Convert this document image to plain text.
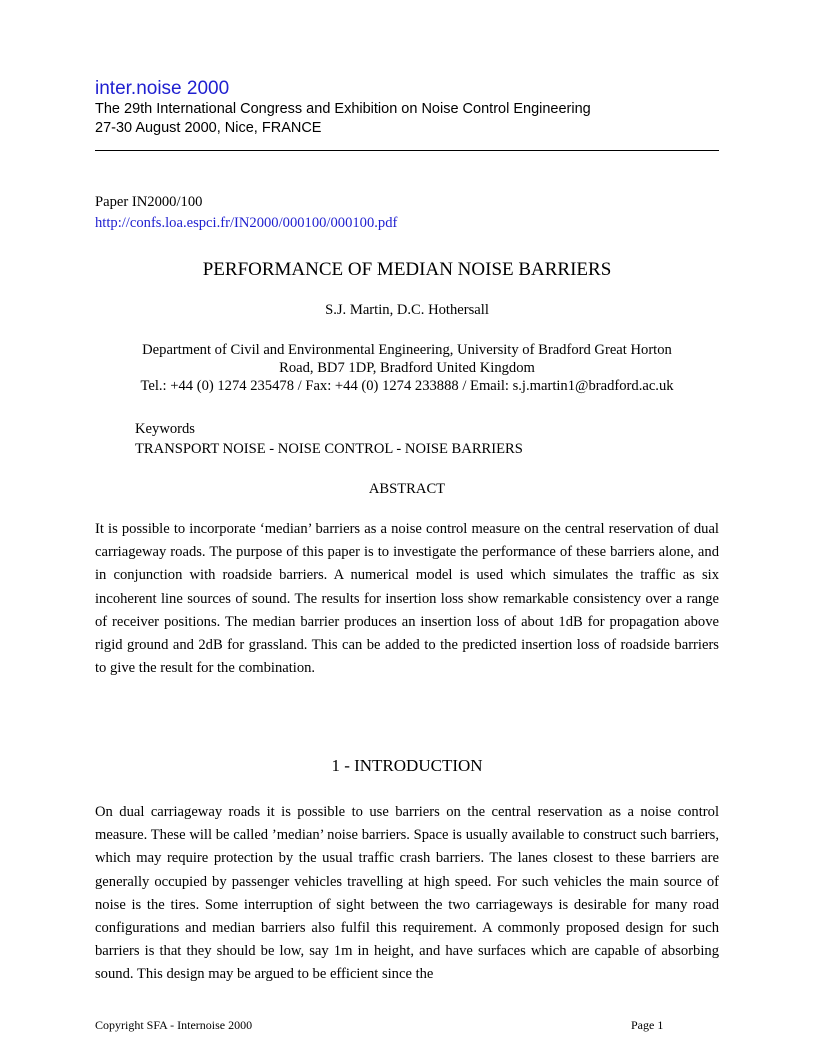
inter.noise 2000
The 29th International Congress and Exhibition on Noise Control Engineering
27-30 August 2000, Nice, FRANCE
Paper IN2000/100
http://confs.loa.espci.fr/IN2000/000100/000100.pdf
PERFORMANCE OF MEDIAN NOISE BARRIERS
S.J. Martin, D.C. Hothersall
Department of Civil and Environmental Engineering, University of Bradford Great Horton
Road, BD7 1DP, Bradford United Kingdom
Tel.: +44 (0) 1274 235478 / Fax: +44 (0) 1274 233888 / Email: s.j.martin1@bradford.ac.uk
Keywords
TRANSPORT NOISE - NOISE CONTROL - NOISE BARRIERS
ABSTRACT
It is possible to incorporate ‘median’ barriers as a noise control measure on the central reservation of dual carriageway roads. The purpose of this paper is to investigate the performance of these barriers alone, and in conjunction with roadside barriers. A numerical model is used which simulates the traffic as six incoherent line sources of sound. The results for insertion loss show remarkable consistency over a range of receiver positions. The median barrier produces an insertion loss of about 1dB for propagation above rigid ground and 2dB for grassland. This can be added to the predicted insertion loss of roadside barriers to give the result for the combination.
1 - INTRODUCTION
On dual carriageway roads it is possible to use barriers on the central reservation as a noise control measure. These will be called ’median’ noise barriers. Space is usually available to construct such barriers, which may require protection by the usual traffic crash barriers. The lanes closest to these barriers are generally occupied by passenger vehicles travelling at high speed. For such vehicles the main source of noise is the tires. Some interruption of sight between the two carriageways is desirable for many road configurations and median barriers also fulfil this requirement. A commonly proposed design for such barriers is that they should be low, say 1m in height, and have surfaces which are capable of absorbing sound. This design may be argued to be efficient since the
Copyright SFA - Internoise 2000	Page 1
